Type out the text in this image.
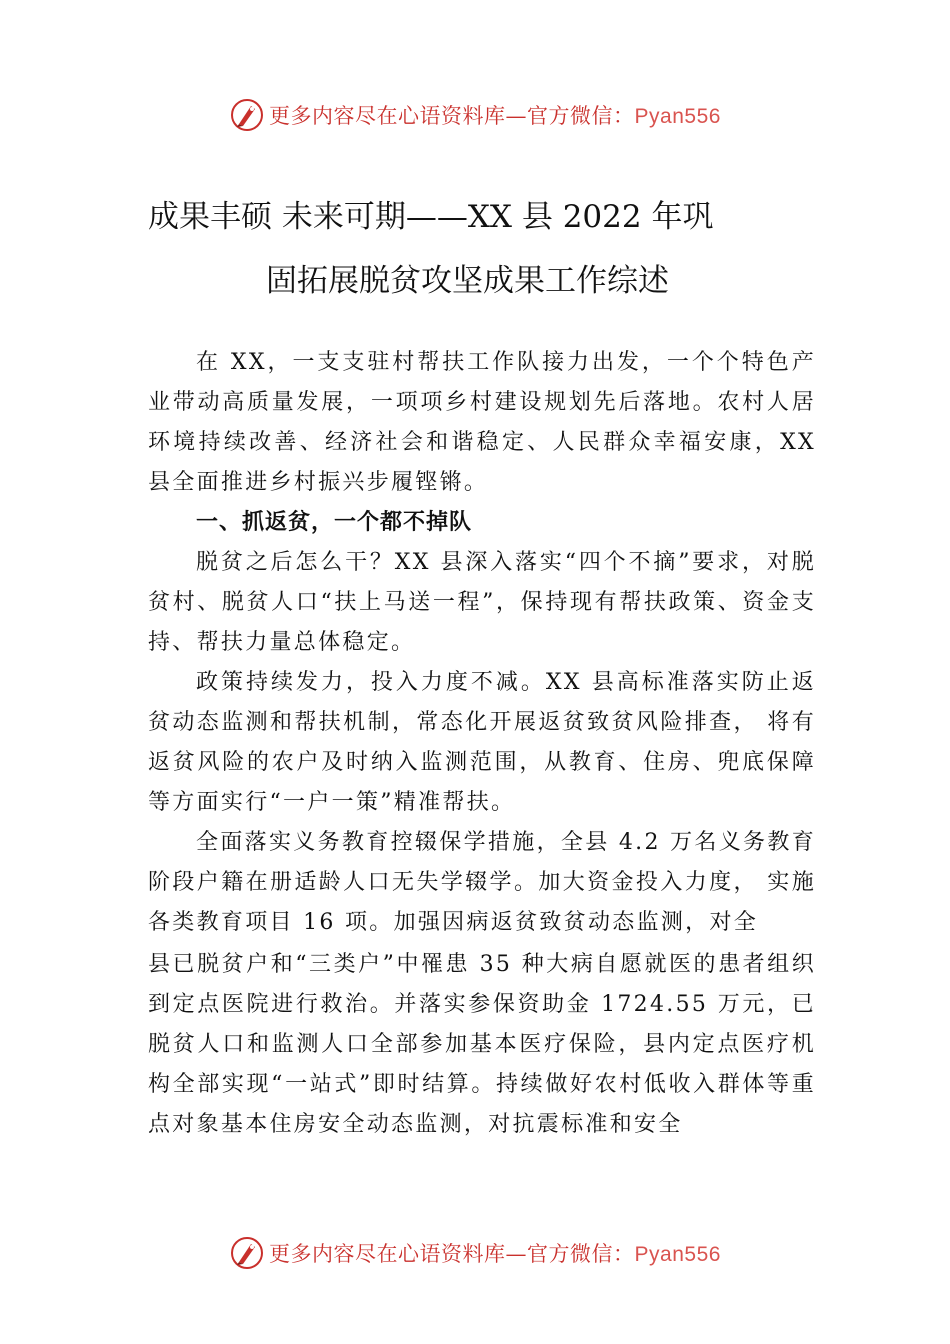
更多内容尽在心语资料库—官方微信：Pyan556
成果丰硕 未来可期——XX 县 2022 年巩
固拓展脱贫攻坚成果工作综述

在 XX，一支支驻村帮扶工作队接力出发，一个个特色产业带动高质量发展，一项项乡村建设规划先后落地。农村人居环境持续改善、经济社会和谐稳定、人民群众幸福安康，XX 县全面推进乡村振兴步履铿锵。

一、抓返贫，一个都不掉队

脱贫之后怎么干？XX 县深入落实“四个不摘”要求，对脱贫村、脱贫人口“扶上马送一程”，保持现有帮扶政策、资金支持、帮扶力量总体稳定。

政策持续发力，投入力度不减。XX 县高标准落实防止返贫动态监测和帮扶机制，常态化开展返贫致贫风险排查， 将有返贫风险的农户及时纳入监测范围，从教育、住房、兜底保障等方面实行“一户一策”精准帮扶。

全面落实义务教育控辍保学措施，全县 4.2 万名义务教育阶段户籍在册适龄人口无失学辍学。加大资金投入力度， 实施各类教育项目 16 项。加强因病返贫致贫动态监测，对全

县已脱贫户和“三类户”中罹患 35 种大病自愿就医的患者组织到定点医院进行救治。并落实参保资助金 1724.55 万元，已脱贫人口和监测人口全部参加基本医疗保险，县内定点医疗机构全部实现“一站式”即时结算。持续做好农村低收入群体等重点对象基本住房安全动态监测，对抗震标准和安全

更多内容尽在心语资料库—官方微信：Pyan556
